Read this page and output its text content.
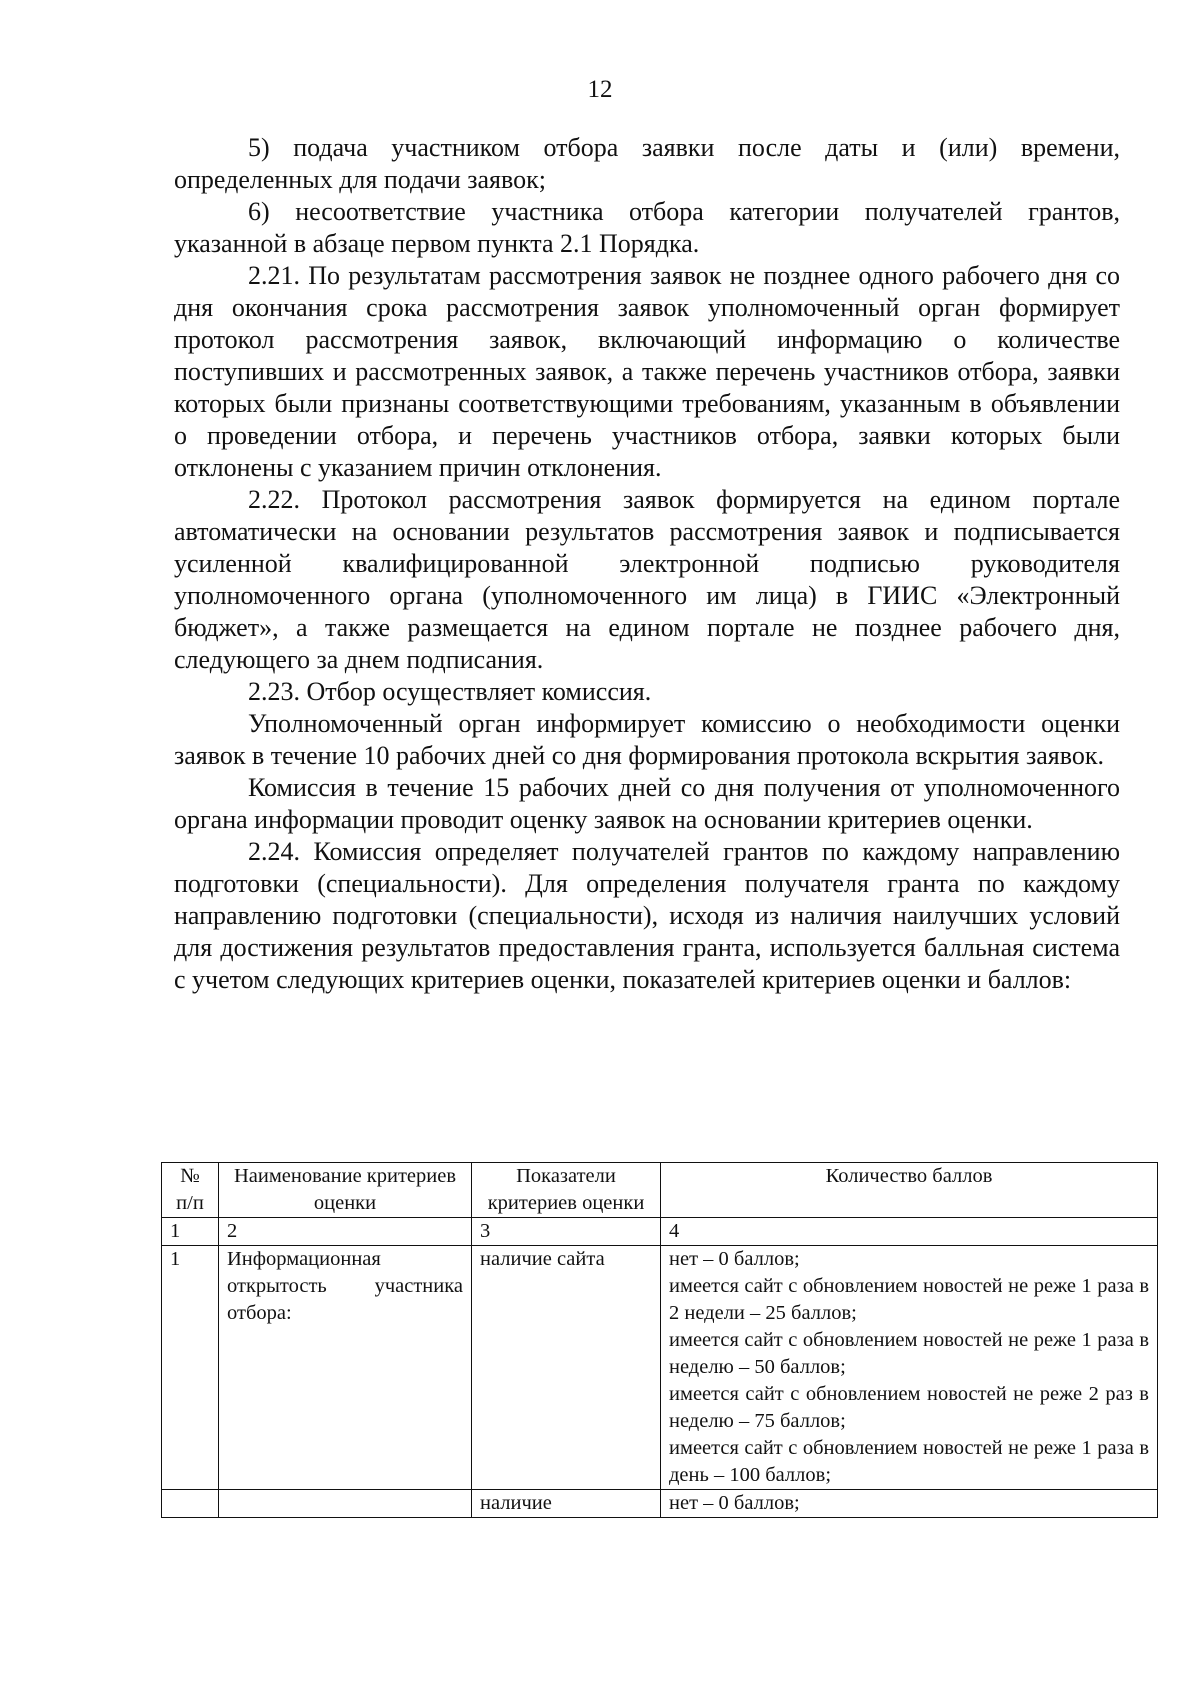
12

5) подача участником отбора заявки после даты и (или) времени, определенных для подачи заявок;

6) несоответствие участника отбора категории получателей грантов, указанной в абзаце первом пункта 2.1 Порядка.

2.21. По результатам рассмотрения заявок не позднее одного рабочего дня со дня окончания срока рассмотрения заявок уполномоченный орган формирует протокол рассмотрения заявок, включающий информацию о количестве поступивших и рассмотренных заявок, а также перечень участников отбора, заявки которых были признаны соответствующими требованиям, указанным в объявлении о проведении отбора, и перечень участников отбора, заявки которых были отклонены с указанием причин отклонения.

2.22. Протокол рассмотрения заявок формируется на едином портале автоматически на основании результатов рассмотрения заявок и подписывается усиленной квалифицированной электронной подписью руководителя уполномоченного органа (уполномоченного им лица) в ГИИС «Электронный бюджет», а также размещается на едином портале не позднее рабочего дня, следующего за днем подписания.

2.23. Отбор осуществляет комиссия.

Уполномоченный орган информирует комиссию о необходимости оценки заявок в течение 10 рабочих дней со дня формирования протокола вскрытия заявок.

Комиссия в течение 15 рабочих дней со дня получения от уполномоченного органа информации проводит оценку заявок на основании критериев оценки.

2.24. Комиссия определяет получателей грантов по каждому направлению подготовки (специальности). Для определения получателя гранта по каждому направлению подготовки (специальности), исходя из наличия наилучших условий для достижения результатов предоставления гранта, используется балльная система с учетом следующих критериев оценки, показателей критериев оценки и баллов:

№ п/п	Наименование критериев оценки	Показатели критериев оценки	Количество баллов
1	2	3	4
1	Информационная открытость участника отбора:	наличие сайта	нет – 0 баллов;
имеется сайт с обновлением новостей не реже 1 раза в 2 недели – 25 баллов;
имеется сайт с обновлением новостей не реже 1 раза в неделю – 50 баллов;
имеется сайт с обновлением новостей не реже 2 раз в неделю – 75 баллов;
имеется сайт с обновлением новостей не реже 1 раза в день – 100 баллов;

		наличие	нет – 0 баллов;
